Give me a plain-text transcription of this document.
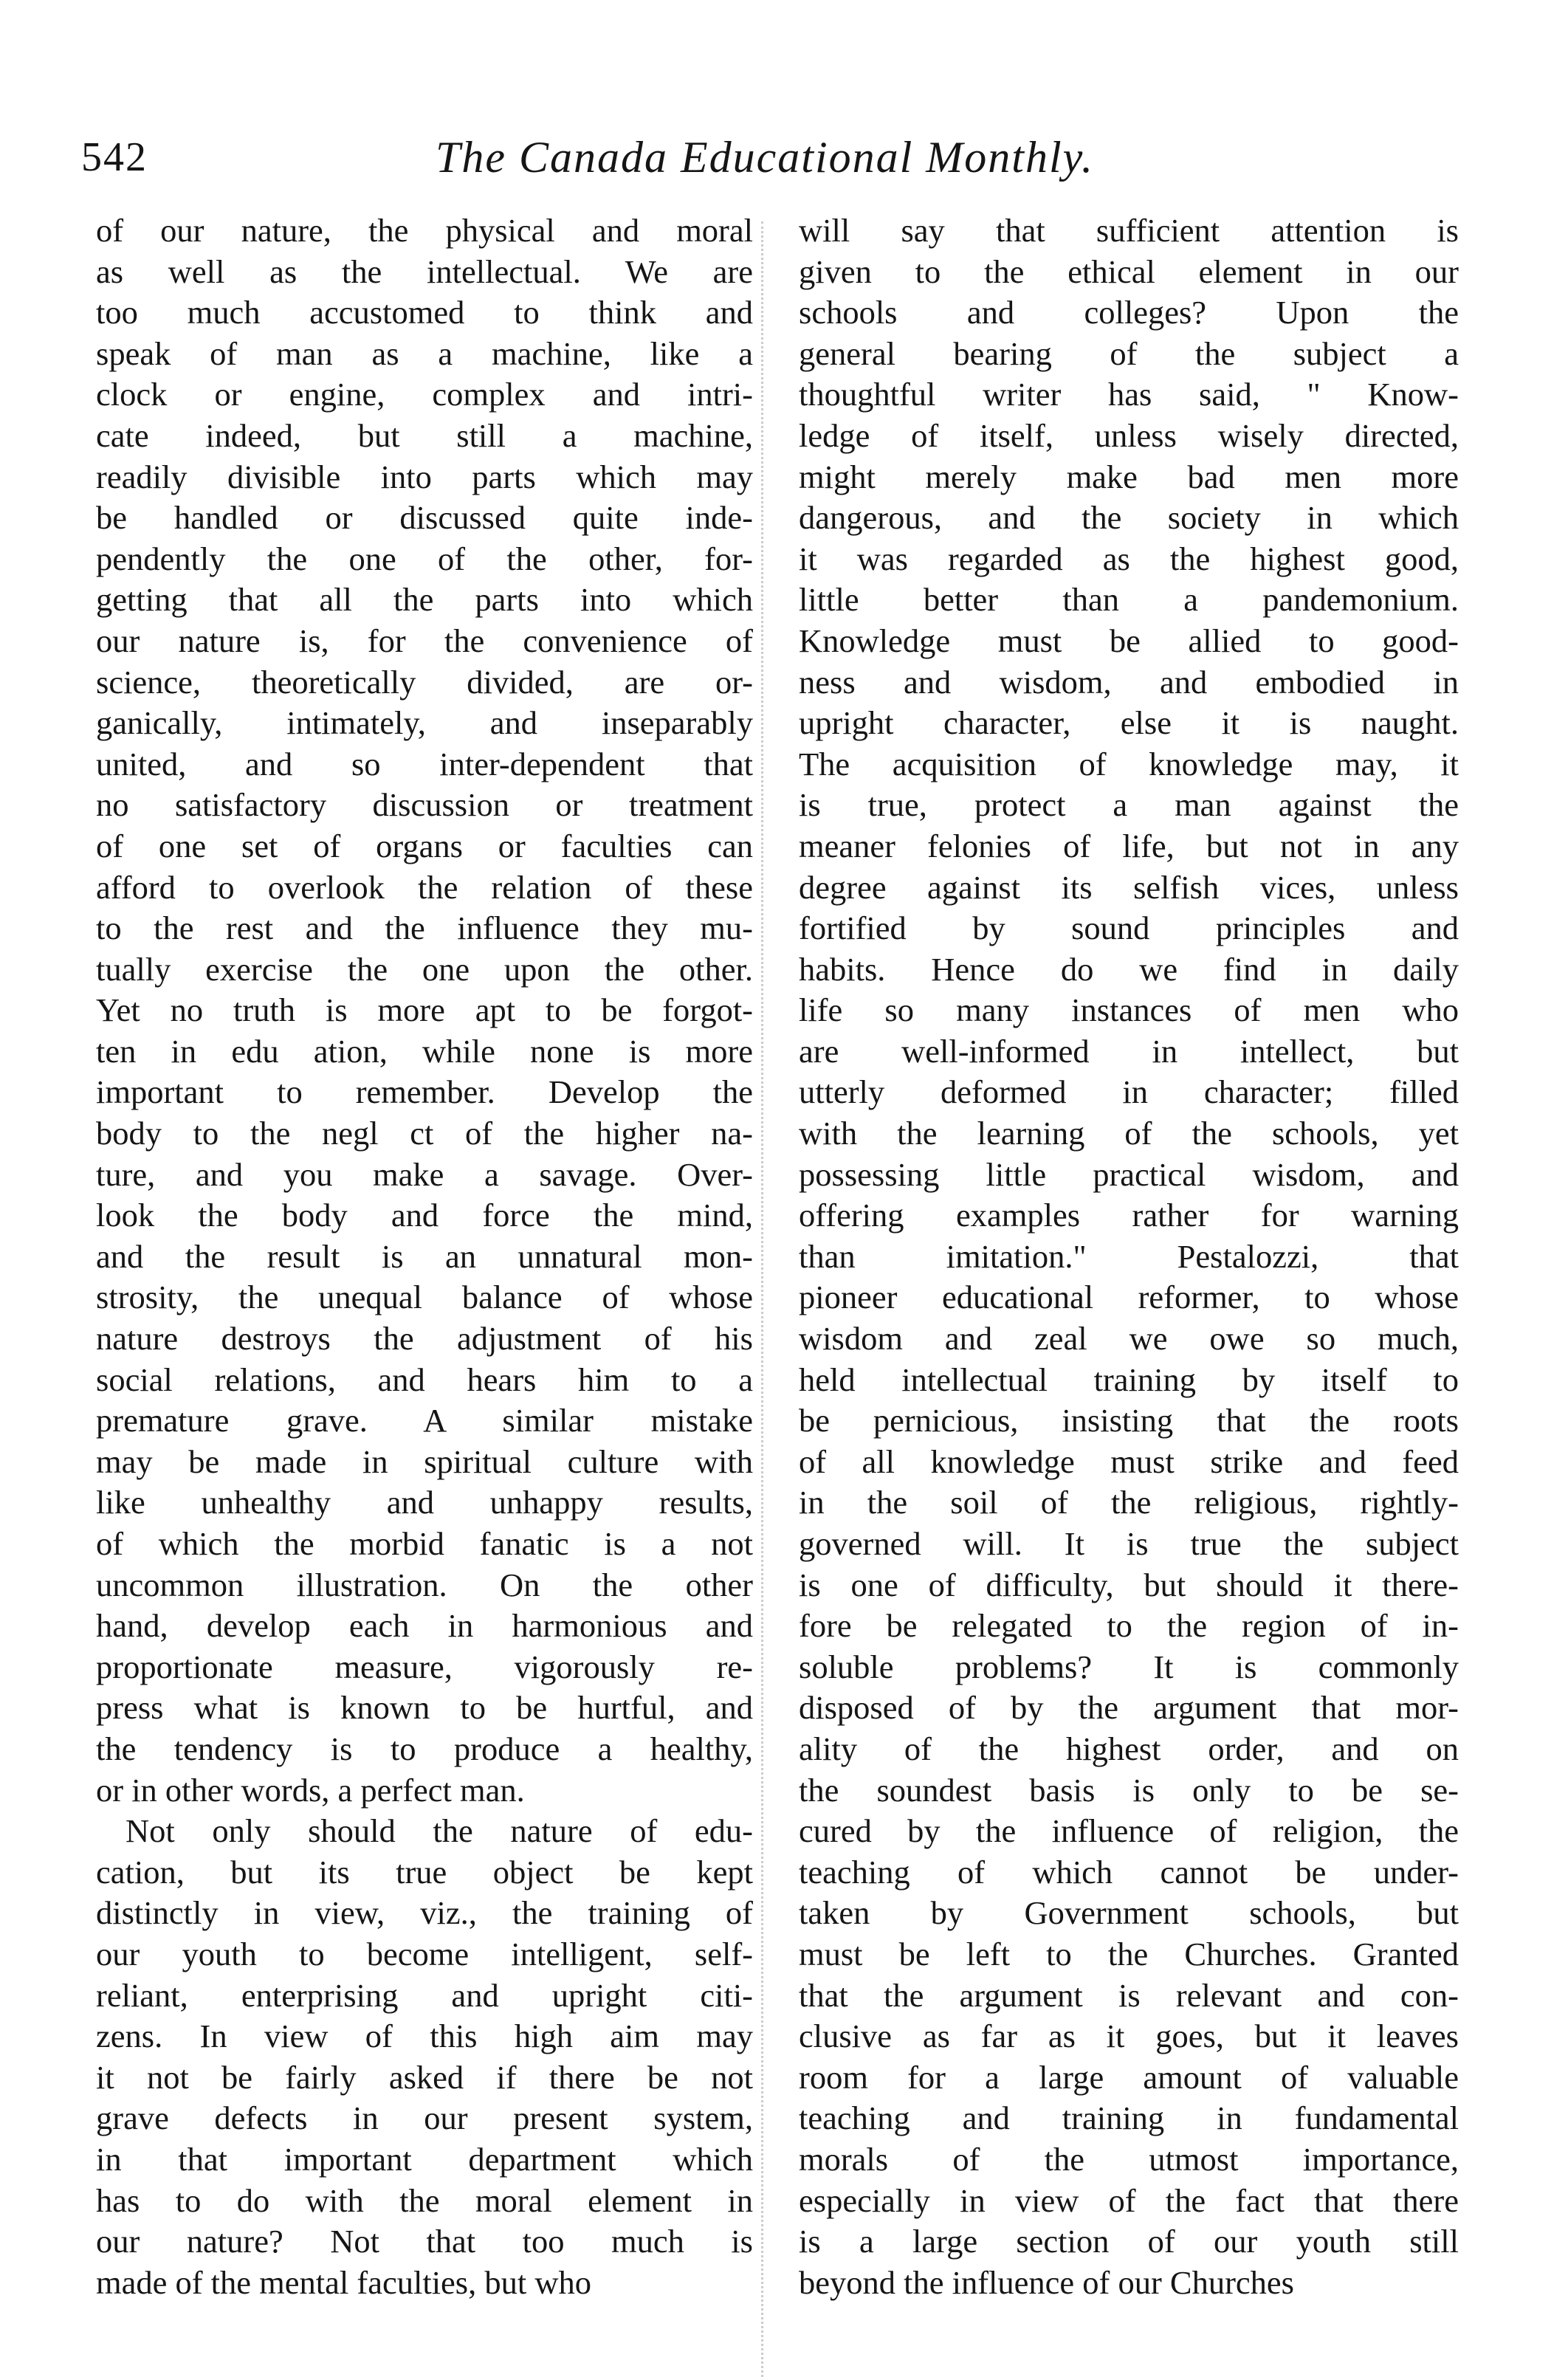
542	The Canada Educational Monthly.
of our nature, the physical and moral
as well as the intellectual. We are
too much accustomed to think and
speak of man as a machine, like a
clock or engine, complex and intri-
cate indeed, but still a machine,
readily divisible into parts which may
be handled or discussed quite inde-
pendently the one of the other, for-
getting that all the parts into which
our nature is, for the convenience of
science, theoretically divided, are or-
ganically, intimately, and inseparably
united, and so inter-dependent that
no satisfactory discussion or treatment
of one set of organs or faculties can
afford to overlook the relation of these
to the rest and the influence they mu-
tually exercise the one upon the other.
Yet no truth is more apt to be forgot-
ten in edu ation, while none is more
important to remember. Develop the
body to the negl ct of the higher na-
ture, and you make a savage. Over-
look the body and force the mind,
and the result is an unnatural mon-
strosity, the unequal balance of whose
nature destroys the adjustment of his
social relations, and hears him to a
premature grave. A similar mistake
may be made in spiritual culture with
like unhealthy and unhappy results,
of which the morbid fanatic is a not
uncommon illustration. On the other
hand, develop each in harmonious and
proportionate measure, vigorously re-
press what is known to be hurtful, and
the tendency is to produce a healthy,
or in other words, a perfect man.
Not only should the nature of edu-
cation, but its true object be kept
distinctly in view, viz., the training of
our youth to become intelligent, self-
reliant, enterprising and upright citi-
zens. In view of this high aim may
it not be fairly asked if there be not
grave defects in our present system,
in that important department which
has to do with the moral element in
our nature? Not that too much is
made of the mental faculties, but who
will say that sufficient attention is
given to the ethical element in our
schools and colleges? Upon the
general bearing of the subject a
thoughtful writer has said, " Know-
ledge of itself, unless wisely directed,
might merely make bad men more
dangerous, and the society in which
it was regarded as the highest good,
little better than a pandemonium.
Knowledge must be allied to good-
ness and wisdom, and embodied in
upright character, else it is naught.
The acquisition of knowledge may, it
is true, protect a man against the
meaner felonies of life, but not in any
degree against its selfish vices, unless
fortified by sound principles and
habits. Hence do we find in daily
life so many instances of men who
are well-informed in intellect, but
utterly deformed in character; filled
with the learning of the schools, yet
possessing little practical wisdom, and
offering examples rather for warning
than imitation." Pestalozzi, that
pioneer educational reformer, to whose
wisdom and zeal we owe so much,
held intellectual training by itself to
be pernicious, insisting that the roots
of all knowledge must strike and feed
in the soil of the religious, rightly-
governed will. It is true the subject
is one of difficulty, but should it there-
fore be relegated to the region of in-
soluble problems? It is commonly
disposed of by the argument that mor-
ality of the highest order, and on
the soundest basis is only to be se-
cured by the influence of religion, the
teaching of which cannot be under-
taken by Government schools, but
must be left to the Churches. Granted
that the argument is relevant and con-
clusive as far as it goes, but it leaves
room for a large amount of valuable
teaching and training in fundamental
morals of the utmost importance,
especially in view of the fact that there
is a large section of our youth still
beyond the influence of our Churches
